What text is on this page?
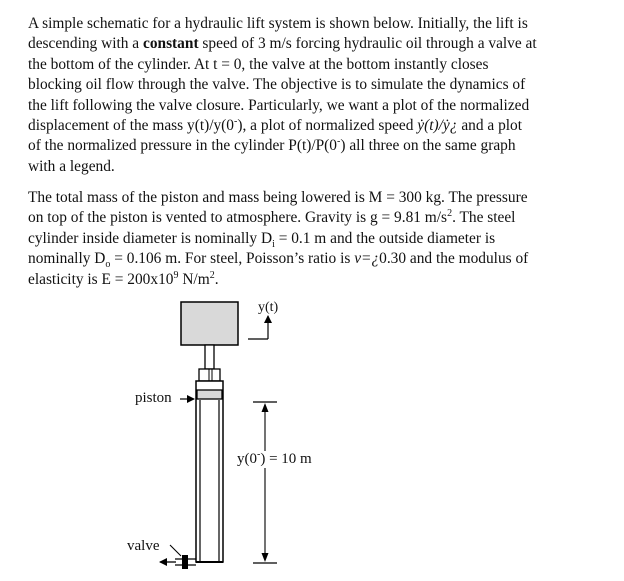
A simple schematic for a hydraulic lift system is shown below. Initially, the lift is
descending with a constant speed of 3 m/s forcing hydraulic oil through a valve at
the bottom of the cylinder. At t = 0, the valve at the bottom instantly closes
blocking oil flow through the valve. The objective is to simulate the dynamics of
the lift following the valve closure. Particularly, we want a plot of the normalized
displacement of the mass y(t)/y(0-), a plot of normalized speed ẏ(t)/ẏ¿ and a plot
of the normalized pressure in the cylinder P(t)/P(0-) all three on the same graph
with a legend.
The total mass of the piston and mass being lowered is M = 300 kg. The pressure
on top of the piston is vented to atmosphere. Gravity is g = 9.81 $m/s^2$. The steel
cylinder inside diameter is nominally $D_i = 0.1$ m and the outside diameter is
nominally $D_o = 0.106$ m. For steel, Poisson’s ratio is ν=¿0.30 and the modulus of
elasticity is $E = 200x10^9$ $N/m^2$.
y(t)
piston
valve
y(0-) = 10 m
